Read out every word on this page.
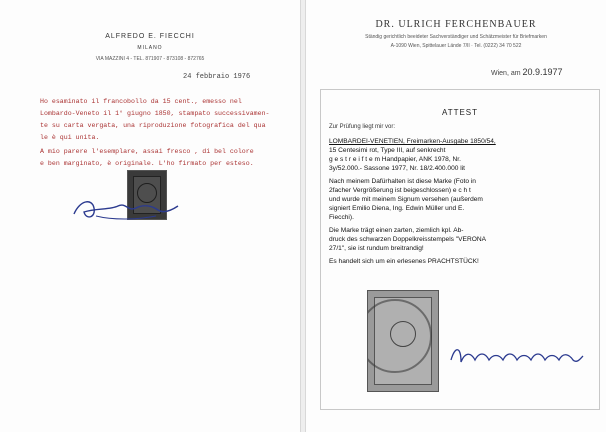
ALFREDO E. FIECCHI
MILANO
VIA MAZZINI 4 - TEL. 871907 - 873108 - 872765
24 febbraio 1976
Ho esaminato il francobollo da 15 cent., emesso nel
Lombardo-Veneto il 1° giugno 1850, stampato successivamen-
te su carta vergata, una riproduzione fotografica del qua
le è qui unita.
A mio parere l'esemplare, assai fresco , di bel colore
e ben marginato, è originale. L'ho firmato per esteso.
DR. ULRICH FERCHENBAUER
Ständig gerichtlich beeideter Sachverständiger und Schätzmeister für Briefmarken
A-1090 Wien, Spittelauer Lände 7/II · Tel. (0222) 34 70 522
Wien, am 20.9.1977
ATTEST
Zur Prüfung liegt mir vor:
LOMBARDEI-VENETIEN, Freimarken-Ausgabe 1850/54,
15 Centesimi rot, Type III, auf senkrecht
g e s t r e i f t e m Handpapier, ANK 1978, Nr.
3y/52.000.- Sassone 1977, Nr. 18/2.400.000 lit
Nach meinem Dafürhalten ist diese Marke (Foto in
2facher Vergrößerung ist beigeschlossen) e c h t
und wurde mit meinem Signum versehen (außerdem
signiert Emilio Diena, Ing. Edwin Müller und E.
Fiecchi).
Die Marke trägt einen zarten, ziemlich kpl. Ab-
druck des schwarzen Doppelkreisstempels "VERONA
27/1", sie ist rundum breitrandig!
Es handelt sich um ein erlesenes PRACHTSTÜCK!
